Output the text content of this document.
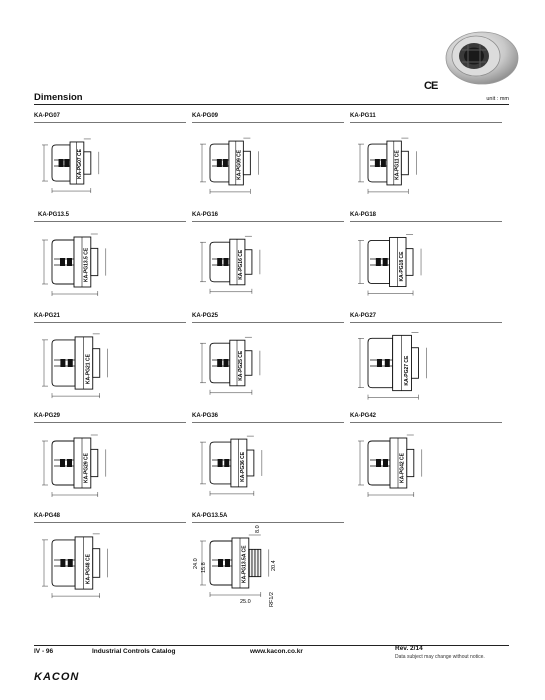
CE
Dimension	unit : mm
KA-PG07
KA-PG07 CE
KA-PG09
KA-PG09 CE
KA-PG11
KA-PG11 CE
KA-PG13.5
KA-PG13.5 CE
KA-PG16
KA-PG16 CE
KA-PG18
KA-PG18 CE
KA-PG21
KA-PG21 CE
KA-PG25
KA-PG25 CE
KA-PG27
KA-PG27 CE
KA-PG29
KA-PG29 CE
KA-PG36
KA-PG36 CE
KA-PG42
KA-PG42 CE
KA-PG48
KA-PG48 CE
KA-PG13.5A
KA-PG13.5A CE
24.0 15.8	20.4
25.0
8.0
RF1/2
IV - 96	Industrial Controls Catalog	www.kacon.co.kr	Rev. 2/14
Data subject may change without notice.
KACON
